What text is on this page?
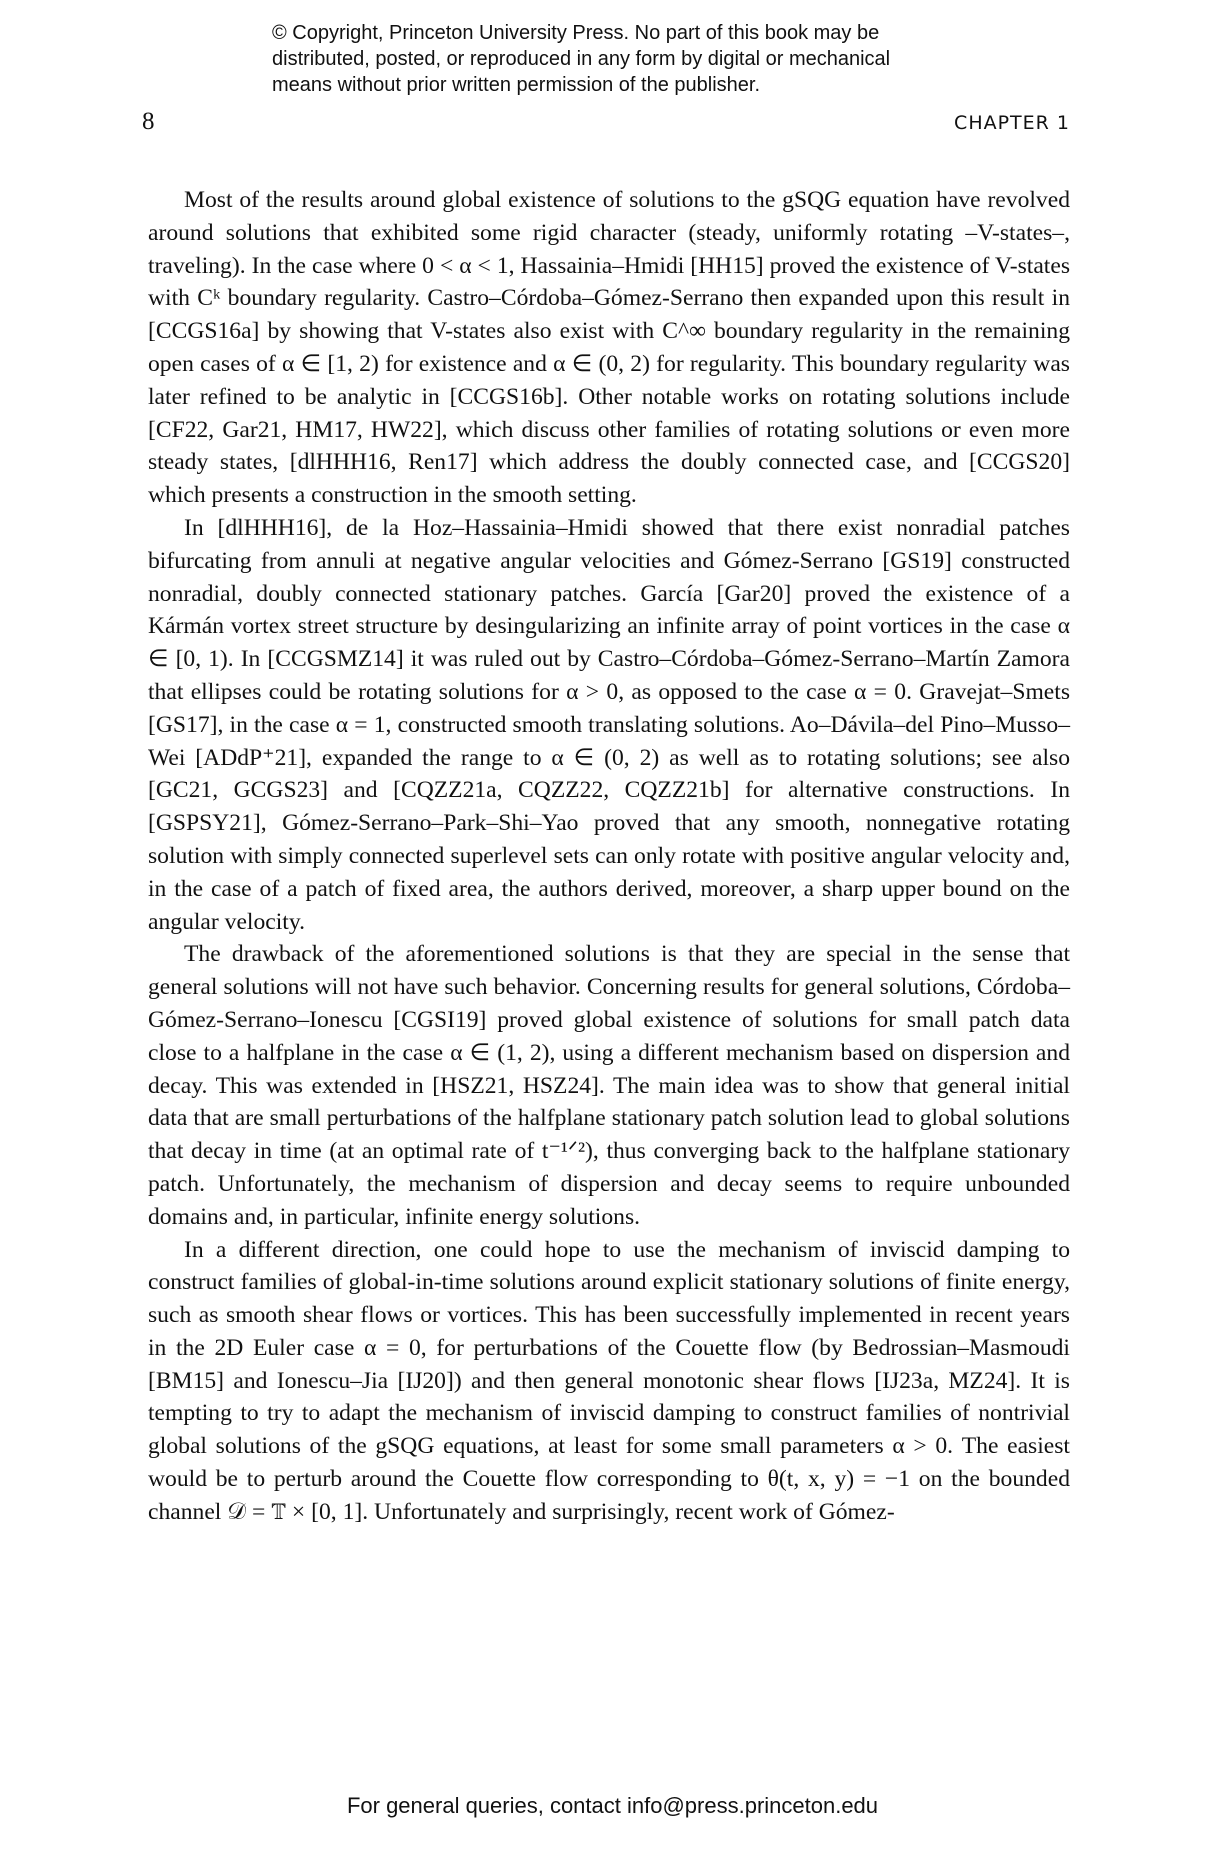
© Copyright, Princeton University Press. No part of this book may be
distributed, posted, or reproduced in any form by digital or mechanical
means without prior written permission of the publisher.
8	CHAPTER 1

Most of the results around global existence of solutions to the gSQG equation have revolved around solutions that exhibited some rigid character (steady, uniformly rotating –V-states–, traveling). In the case where 0 < α < 1, Hassainia–Hmidi [HH15] proved the existence of V-states with Cᵏ boundary regularity. Castro–Córdoba–Gómez-Serrano then expanded upon this result in [CCGS16a] by showing that V-states also exist with C^∞ boundary regularity in the remaining open cases of α ∈ [1, 2) for existence and α ∈ (0, 2) for regularity. This boundary regularity was later refined to be analytic in [CCGS16b]. Other notable works on rotating solutions include [CF22, Gar21, HM17, HW22], which discuss other families of rotating solutions or even more steady states, [dlHHH16, Ren17] which address the doubly connected case, and [CCGS20] which presents a construction in the smooth setting.

In [dlHHH16], de la Hoz–Hassainia–Hmidi showed that there exist nonradial patches bifurcating from annuli at negative angular velocities and Gómez-Serrano [GS19] constructed nonradial, doubly connected stationary patches. García [Gar20] proved the existence of a Kármán vortex street structure by desingularizing an infinite array of point vortices in the case α ∈ [0, 1). In [CCGSMZ14] it was ruled out by Castro–Córdoba–Gómez-Serrano–Martín Zamora that ellipses could be rotating solutions for α > 0, as opposed to the case α = 0. Gravejat–Smets [GS17], in the case α = 1, constructed smooth translating solutions. Ao–Dávila–del Pino–Musso–Wei [ADdP⁺21], expanded the range to α ∈ (0, 2) as well as to rotating solutions; see also [GC21, GCGS23] and [CQZZ21a, CQZZ22, CQZZ21b] for alternative constructions. In [GSPSY21], Gómez-Serrano–Park–Shi–Yao proved that any smooth, nonnegative rotating solution with simply connected superlevel sets can only rotate with positive angular velocity and, in the case of a patch of fixed area, the authors derived, moreover, a sharp upper bound on the angular velocity.

The drawback of the aforementioned solutions is that they are special in the sense that general solutions will not have such behavior. Concerning results for general solutions, Córdoba–Gómez-Serrano–Ionescu [CGSI19] proved global existence of solutions for small patch data close to a halfplane in the case α ∈ (1, 2), using a different mechanism based on dispersion and decay. This was extended in [HSZ21, HSZ24]. The main idea was to show that general initial data that are small perturbations of the halfplane stationary patch solution lead to global solutions that decay in time (at an optimal rate of t⁻¹ᐟ²), thus converging back to the halfplane stationary patch. Unfortunately, the mechanism of dispersion and decay seems to require unbounded domains and, in particular, infinite energy solutions.

In a different direction, one could hope to use the mechanism of inviscid damping to construct families of global-in-time solutions around explicit stationary solutions of finite energy, such as smooth shear flows or vortices. This has been successfully implemented in recent years in the 2D Euler case α = 0, for perturbations of the Couette flow (by Bedrossian–Masmoudi [BM15] and Ionescu–Jia [IJ20]) and then general monotonic shear flows [IJ23a, MZ24]. It is tempting to try to adapt the mechanism of inviscid damping to construct families of nontrivial global solutions of the gSQG equations, at least for some small parameters α > 0. The easiest would be to perturb around the Couette flow corresponding to θ(t, x, y) = −1 on the bounded channel 𝒟 = 𝕋 × [0, 1]. Unfortunately and surprisingly, recent work of Gómez-

For general queries, contact info@press.princeton.edu
